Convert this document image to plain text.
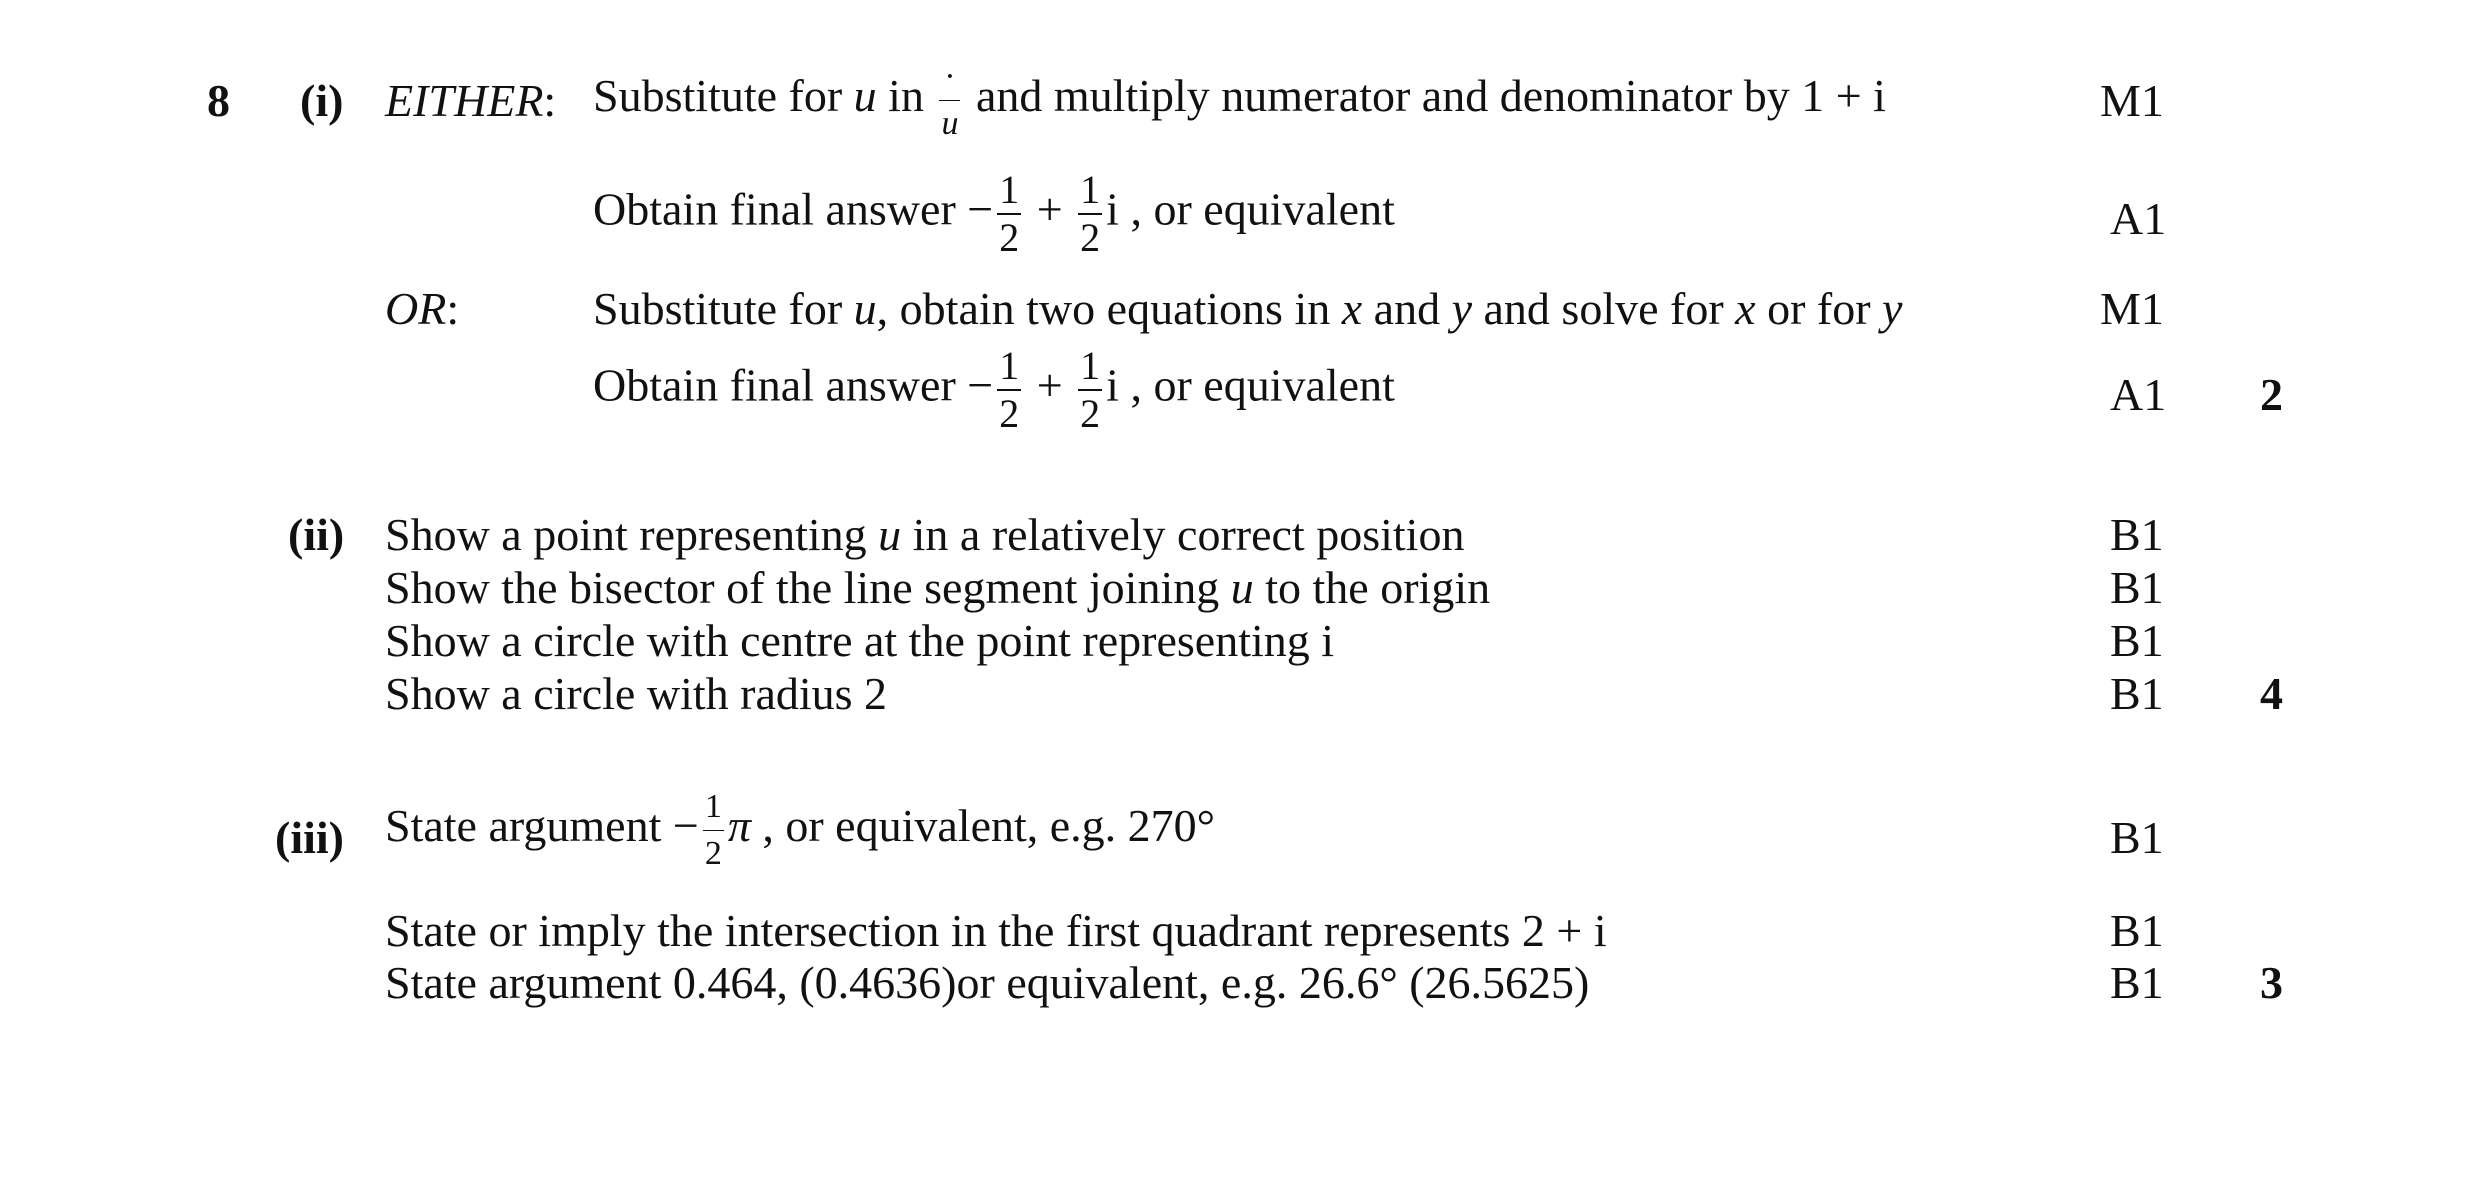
8 (i) EITHER: Substitute for u in $\frac{\cdot}{u}$ and multiply numerator and denominator by 1 + i	M1
Obtain final answer − $\frac{1}{2} + \frac{1}{2}$ i , or equivalent	A1
OR:	Substitute for u, obtain two equations in x and y and solve for x or for y	M1
Obtain final answer − $\frac{1}{2} + \frac{1}{2}$ i , or equivalent	A1 2
(ii) Show a point representing u in a relatively correct position	B1
Show the bisector of the line segment joining u to the origin	B1
Show a circle with centre at the point representing i	B1
Show a circle with radius 2	B1 4
(iii) State argument − $\frac{1}{2}$ π , or equivalent, e.g. 270°	B1
State or imply the intersection in the first quadrant represents 2 + i	B1
State argument 0.464, (0.4636)or equivalent, e.g. 26.6° (26.5625)	B1 3
